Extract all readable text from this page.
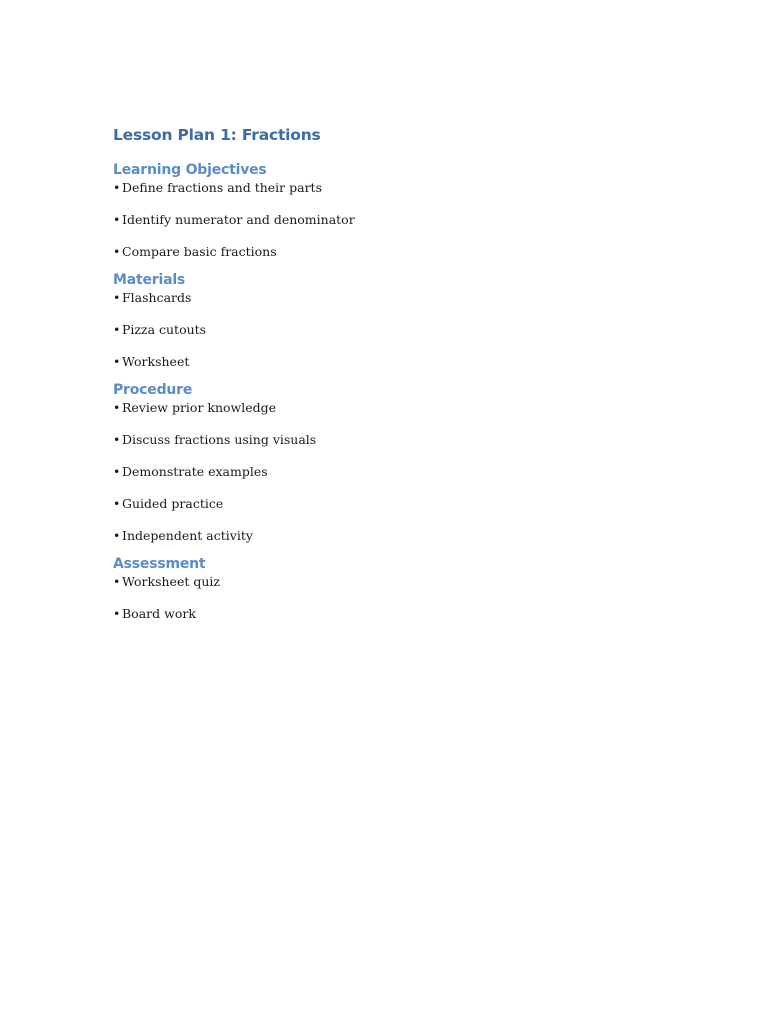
Lesson Plan 1: Fractions
Learning Objectives
• Define fractions and their parts
• Identify numerator and denominator
• Compare basic fractions
Materials
• Flashcards
• Pizza cutouts
• Worksheet
Procedure
• Review prior knowledge
• Discuss fractions using visuals
• Demonstrate examples
• Guided practice
• Independent activity
Assessment
• Worksheet quiz
• Board work
